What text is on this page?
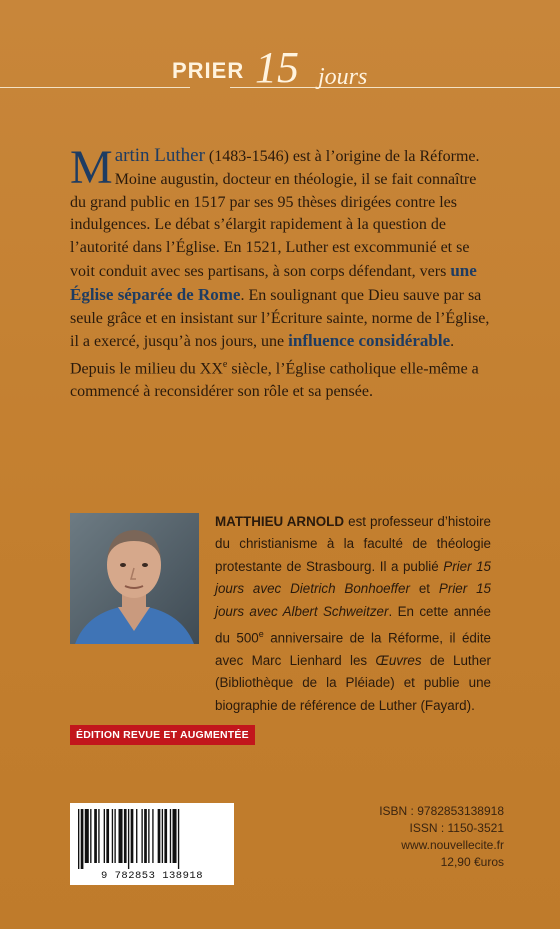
PRIER 15 jours
Martin Luther (1483-1546) est à l’origine de la Réforme. Moine augustin, docteur en théologie, il se fait connaître du grand public en 1517 par ses 95 thèses dirigées contre les indulgences. Le débat s’élargit rapidement à la question de l’autorité dans l’Église. En 1521, Luther est excommunié et se voit conduit avec ses partisans, à son corps défendant, vers une Église séparée de Rome. En soulignant que Dieu sauve par sa seule grâce et en insistant sur l’Écriture sainte, norme de l’Église, il a exercé, jusqu’à nos jours, une influence considérable. Depuis le milieu du XXe siècle, l’Église catholique elle-même a commencé à reconsidérer son rôle et sa pensée.
MATTHIEU ARNOLD est professeur d’histoire du christianisme à la faculté de théologie protestante de Strasbourg. Il a publié Prier 15 jours avec Dietrich Bonhoeffer et Prier 15 jours avec Albert Schweitzer. En cette année du 500e anniversaire de la Réforme, il édite avec Marc Lienhard les Œuvres de Luther (Bibliothèque de la Pléiade) et publie une biographie de référence de Luther (Fayard).
ÉDITION REVUE ET AUGMENTÉE
9 782853 138918
ISBN : 9782853138918
ISSN : 1150-3521
www.nouvellecite.fr
12,90 €uros
